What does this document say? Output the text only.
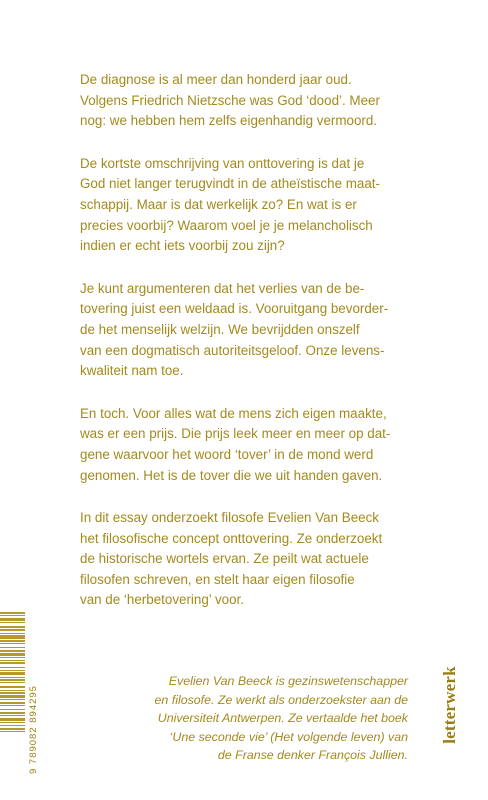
De diagnose is al meer dan honderd jaar oud.
Volgens Friedrich Nietzsche was God ‘dood’. Meer
nog: we hebben hem zelfs eigenhandig vermoord.

De kortste omschrijving van onttovering is dat je
God niet langer terugvindt in de atheïstische maat-
schappij. Maar is dat werkelijk zo? En wat is er
precies voorbij? Waarom voel je je melancholisch
indien er echt iets voorbij zou zijn?

Je kunt argumenteren dat het verlies van de be-
tovering juist een weldaad is. Vooruitgang bevorder-
de het menselijk welzijn. We bevrijdden onszelf
van een dogmatisch autoriteitsgeloof. Onze levens-
kwaliteit nam toe.

En toch. Voor alles wat de mens zich eigen maakte,
was er een prijs. Die prijs leek meer en meer op dat-
gene waarvoor het woord ‘tover’ in de mond werd
genomen. Het is de tover die we uit handen gaven.

In dit essay onderzoekt filosofe Evelien Van Beeck
het filosofische concept onttovering. Ze onderzoekt
de historische wortels ervan. Ze peilt wat actuele
filosofen schreven, en stelt haar eigen filosofie
van de ‘herbetovering’ voor.

9 789082 894295
Evelien Van Beeck is gezinswetenschapper
en filosofe. Ze werkt als onderzoekster aan de
Universiteit Antwerpen. Ze vertaalde het boek
‘Une seconde vie’ (Het volgende leven) van
de Franse denker François Jullien.
letterwerk
